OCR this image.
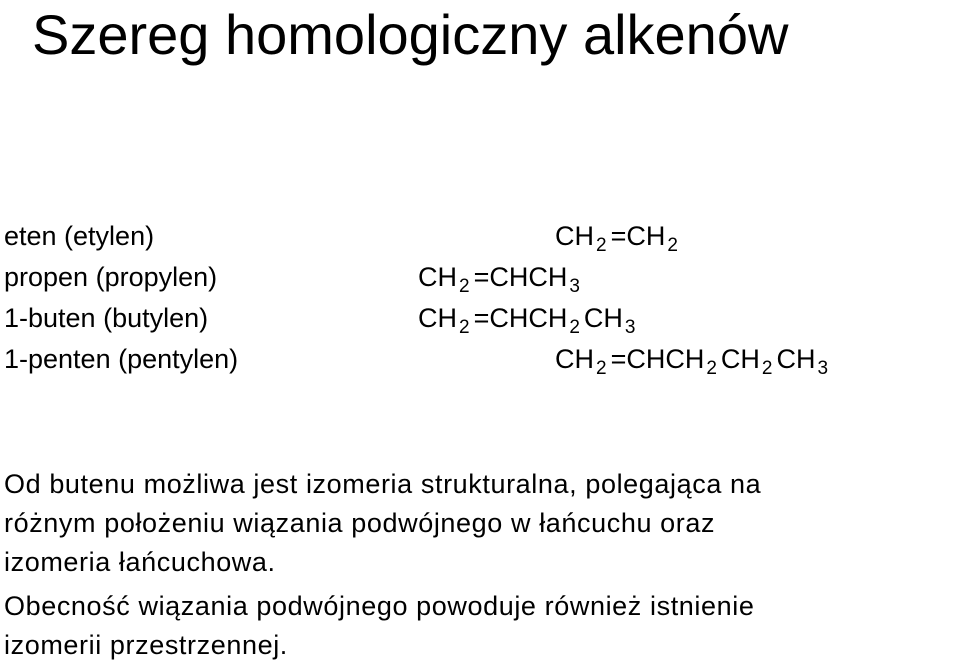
Szereg homologiczny alkenów
eten (etylen)
propen (propylen)
1-buten (butylen)
1-penten (pentylen)
CH $_2$ =CH $_2$
CH $_2$ =CHCH $_3$
CH $_2$ =CHCH $_2$ CH $_3$
CH $_2$ =CHCH $_2$ CH $_2$ CH $_3$
Od butenu możliwa jest izomeria strukturalna, polegająca na
różnym położeniu wiązania podwójnego w łańcuchu oraz
izomeria łańcuchowa.
Obecność wiązania podwójnego powoduje również istnienie
izomerii przestrzennej.
